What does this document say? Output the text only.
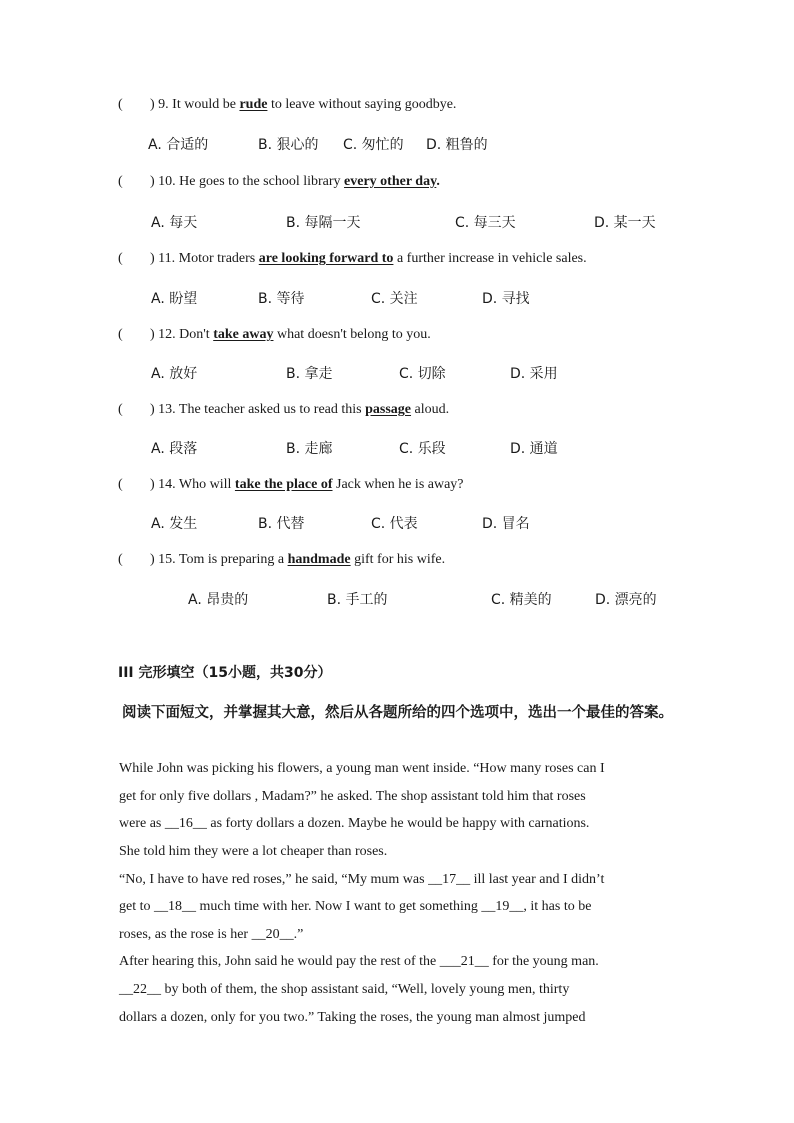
( ) 9. It would be rude to leave without saying goodbye.
A. 合适的	B. 狠心的 C. 匆忙的 D. 粗鲁的
( ) 10. He goes to the school library every other day.
A. 每天	B. 每隔一天	C. 每三天	D. 某一天
( ) 11. Motor traders are looking forward to a further increase in vehicle sales.
A. 盼望	B. 等待	C. 关注	D. 寻找
( ) 12. Don't take away what doesn't belong to you.
A. 放好	B. 拿走	C. 切除	D. 采用
( ) 13. The teacher asked us to read this passage aloud.
A. 段落	B. 走廊	C. 乐段	D. 通道
( ) 14. Who will take the place of Jack when he is away?
A. 发生	B. 代替	C. 代表	D. 冒名
( ) 15. Tom is preparing a handmade gift for his wife.
A. 昂贵的	B. 手工的	C. 精美的	D. 漂亮的
III 完形填空（15小题，共30分）
阅读下面短文，并掌握其大意，然后从各题所给的四个选项中，选出一个最佳的答案。
While John was picking his flowers, a young man went inside. “How many roses can I
get for only five dollars , Madam?” he asked. The shop assistant told him that roses
were as __16__ as forty dollars a dozen. Maybe he would be happy with carnations.
She told him they were a lot cheaper than roses.
“No, I have to have red roses,” he said, “My mum was __17__ ill last year and I didn’t
get to __18__ much time with her. Now I want to get something __19__, it has to be
roses, as the rose is her __20__.”
After hearing this, John said he would pay the rest of the ___21__ for the young man.
__22__ by both of them, the shop assistant said, “Well, lovely young men, thirty
dollars a dozen, only for you two.” Taking the roses, the young man almost jumped
